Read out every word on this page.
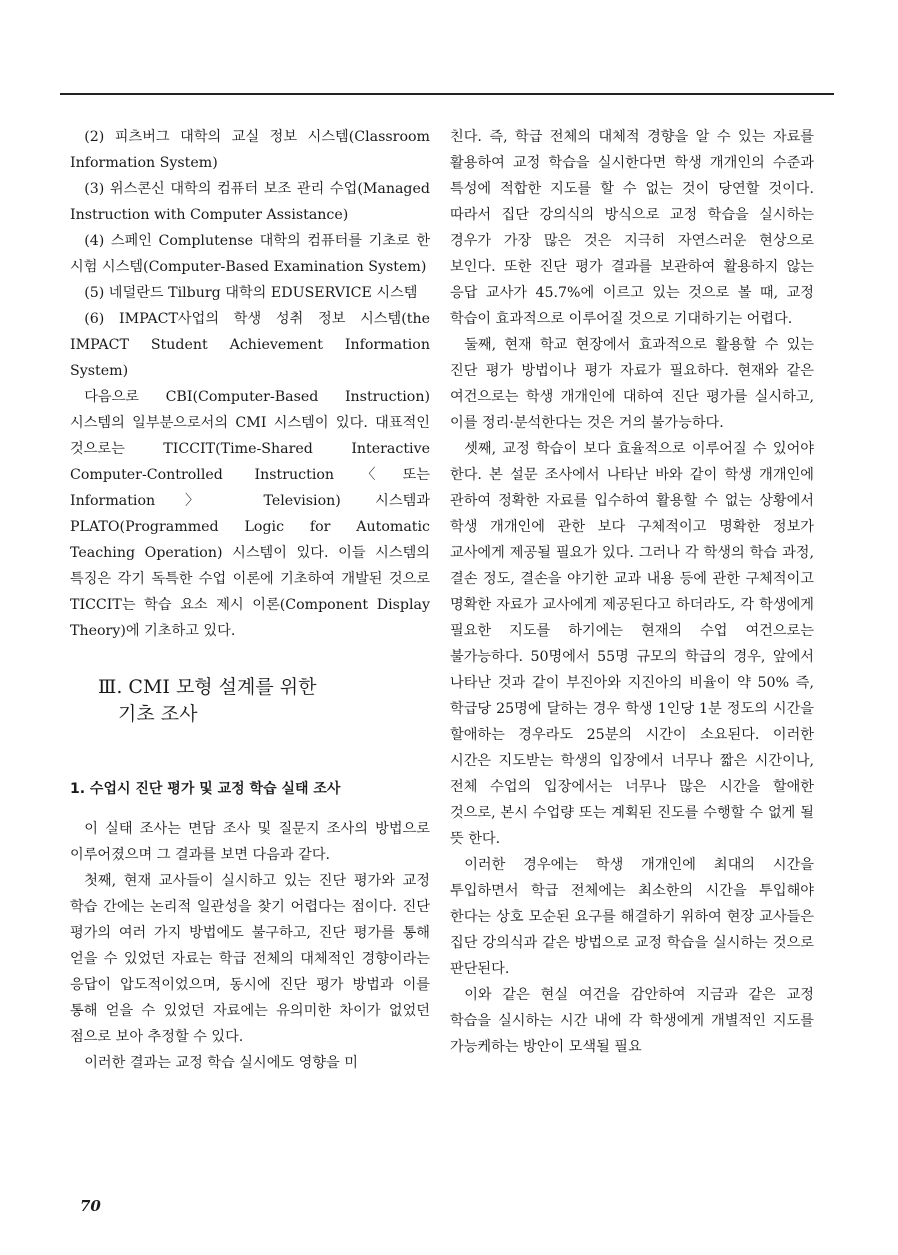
(2) 피츠버그 대학의 교실 정보 시스템(Classroom Information System)

(3) 위스콘신 대학의 컴퓨터 보조 관리 수업(Managed Instruction with Computer Assistance)

(4) 스페인 Complutense 대학의 컴퓨터를 기초로 한 시험 시스템(Computer-Based Examination System)

(5) 네덜란드 Tilburg 대학의 EDUSERVICE 시스템

(6) IMPACT사업의 학생 성취 정보 시스템(the IMPACT Student Achievement Information System)

다음으로 CBI(Computer-Based Instruction) 시스템의 일부분으로서의 CMI 시스템이 있다. 대표적인 것으로는 TICCIT(Time-Shared Interactive Computer-Controlled Instruction〈또는 Information〉 Television) 시스템과 PLATO(Programmed Logic for Automatic Teaching Operation) 시스템이 있다. 이들 시스템의 특징은 각기 독특한 수업 이론에 기초하여 개발된 것으로 TICCIT는 학습 요소 제시 이론(Component Display Theory)에 기초하고 있다.

Ⅲ. CMI 모형 설계를 위한
기초 조사
1. 수업시 진단 평가 및 교정 학습 실태 조사

이 실태 조사는 면담 조사 및 질문지 조사의 방법으로 이루어졌으며 그 결과를 보면 다음과 같다.

첫째, 현재 교사들이 실시하고 있는 진단 평가와 교정 학습 간에는 논리적 일관성을 찾기 어렵다는 점이다. 진단 평가의 여러 가지 방법에도 불구하고, 진단 평가를 통해 얻을 수 있었던 자료는 학급 전체의 대체적인 경향이라는 응답이 압도적이었으며, 동시에 진단 평가 방법과 이를 통해 얻을 수 있었던 자료에는 유의미한 차이가 없었던 점으로 보아 추정할 수 있다.

이러한 결과는 교정 학습 실시에도 영향을 미

친다. 즉, 학급 전체의 대체적 경향을 알 수 있는 자료를 활용하여 교정 학습을 실시한다면 학생 개개인의 수준과 특성에 적합한 지도를 할 수 없는 것이 당연할 것이다. 따라서 집단 강의식의 방식으로 교정 학습을 실시하는 경우가 가장 많은 것은 지극히 자연스러운 현상으로 보인다. 또한 진단 평가 결과를 보관하여 활용하지 않는 응답 교사가 45.7%에 이르고 있는 것으로 볼 때, 교정 학습이 효과적으로 이루어질 것으로 기대하기는 어렵다.

둘째, 현재 학교 현장에서 효과적으로 활용할 수 있는 진단 평가 방법이나 평가 자료가 필요하다. 현재와 같은 여건으로는 학생 개개인에 대하여 진단 평가를 실시하고, 이를 정리·분석한다는 것은 거의 불가능하다.

셋째, 교정 학습이 보다 효율적으로 이루어질 수 있어야 한다. 본 설문 조사에서 나타난 바와 같이 학생 개개인에 관하여 정확한 자료를 입수하여 활용할 수 없는 상황에서 학생 개개인에 관한 보다 구체적이고 명확한 정보가 교사에게 제공될 필요가 있다. 그러나 각 학생의 학습 과정, 결손 정도, 결손을 야기한 교과 내용 등에 관한 구체적이고 명확한 자료가 교사에게 제공된다고 하더라도, 각 학생에게 필요한 지도를 하기에는 현재의 수업 여건으로는 불가능하다. 50명에서 55명 규모의 학급의 경우, 앞에서 나타난 것과 같이 부진아와 지진아의 비율이 약 50% 즉, 학급당 25명에 달하는 경우 학생 1인당 1분 정도의 시간을 할애하는 경우라도 25분의 시간이 소요된다. 이러한 시간은 지도받는 학생의 입장에서 너무나 짧은 시간이나, 전체 수업의 입장에서는 너무나 많은 시간을 할애한 것으로, 본시 수업량 또는 계획된 진도를 수행할 수 없게 될 뜻 한다.

이러한 경우에는 학생 개개인에 최대의 시간을 투입하면서 학급 전체에는 최소한의 시간을 투입해야 한다는 상호 모순된 요구를 해결하기 위하여 현장 교사들은 집단 강의식과 같은 방법으로 교정 학습을 실시하는 것으로 판단된다.

이와 같은 현실 여건을 감안하여 지금과 같은 교정 학습을 실시하는 시간 내에 각 학생에게 개별적인 지도를 가능케하는 방안이 모색될 필요

70
